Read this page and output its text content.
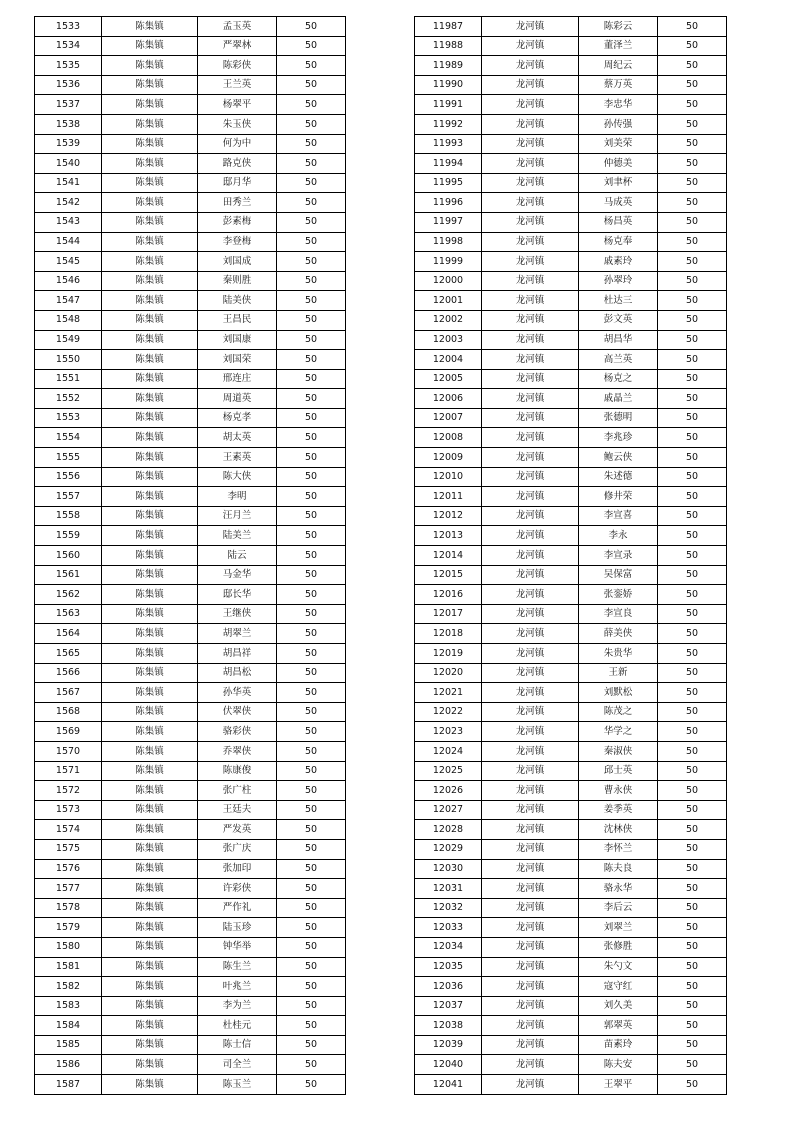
1533	陈集镇	孟玉英	50
1534	陈集镇	严翠林	50
1535	陈集镇	陈彩侠	50
1536	陈集镇	王兰英	50
1537	陈集镇	杨翠平	50
1538	陈集镇	朱玉侠	50
1539	陈集镇	何为中	50
1540	陈集镇	路克侠	50
1541	陈集镇	邸月华	50
1542	陈集镇	田秀兰	50
1543	陈集镇	彭素梅	50
1544	陈集镇	李登梅	50
1545	陈集镇	刘国成	50
1546	陈集镇	秦则胜	50
1547	陈集镇	陆美侠	50
1548	陈集镇	王昌民	50
1549	陈集镇	刘国康	50
1550	陈集镇	刘国荣	50
1551	陈集镇	邢连庄	50
1552	陈集镇	周道英	50
1553	陈集镇	杨克孝	50
1554	陈集镇	胡太英	50
1555	陈集镇	王素英	50
1556	陈集镇	陈大侠	50
1557	陈集镇	李明	50
1558	陈集镇	汪月兰	50
1559	陈集镇	陆美兰	50
1560	陈集镇	陆云	50
1561	陈集镇	马金华	50
1562	陈集镇	邸长华	50
1563	陈集镇	王继侠	50
1564	陈集镇	胡翠兰	50
1565	陈集镇	胡昌祥	50
1566	陈集镇	胡昌松	50
1567	陈集镇	孙华英	50
1568	陈集镇	伏翠侠	50
1569	陈集镇	骆彩侠	50
1570	陈集镇	乔翠侠	50
1571	陈集镇	陈康俊	50
1572	陈集镇	张广柱	50
1573	陈集镇	王廷夫	50
1574	陈集镇	严发英	50
1575	陈集镇	张广庆	50
1576	陈集镇	张加印	50
1577	陈集镇	许彩侠	50
1578	陈集镇	严作礼	50
1579	陈集镇	陆玉珍	50
1580	陈集镇	钟华举	50
1581	陈集镇	陈生兰	50
1582	陈集镇	叶兆兰	50
1583	陈集镇	李为兰	50
1584	陈集镇	杜桂元	50
1585	陈集镇	陈士信	50
1586	陈集镇	司全兰	50
1587	陈集镇	陈玉兰	50
11987	龙河镇	陈彩云	50
11988	龙河镇	董泽兰	50
11989	龙河镇	周纪云	50
11990	龙河镇	蔡万英	50
11991	龙河镇	李忠华	50
11992	龙河镇	孙传强	50
11993	龙河镇	刘美荣	50
11994	龙河镇	仲德美	50
11995	龙河镇	刘聿杯	50
11996	龙河镇	马成英	50
11997	龙河镇	杨昌英	50
11998	龙河镇	杨克奉	50
11999	龙河镇	戚素玲	50
12000	龙河镇	孙翠玲	50
12001	龙河镇	杜达三	50
12002	龙河镇	彭文英	50
12003	龙河镇	胡昌华	50
12004	龙河镇	高兰英	50
12005	龙河镇	杨克之	50
12006	龙河镇	戚晶兰	50
12007	龙河镇	张德明	50
12008	龙河镇	李兆珍	50
12009	龙河镇	鲍云侠	50
12010	龙河镇	朱述德	50
12011	龙河镇	修井荣	50
12012	龙河镇	李宣喜	50
12013	龙河镇	李永	50
12014	龙河镇	李宣录	50
12015	龙河镇	吴保富	50
12016	龙河镇	张銮娇	50
12017	龙河镇	李宣良	50
12018	龙河镇	薛美侠	50
12019	龙河镇	朱贵华	50
12020	龙河镇	王新	50
12021	龙河镇	刘默松	50
12022	龙河镇	陈茂之	50
12023	龙河镇	华学之	50
12024	龙河镇	秦淑侠	50
12025	龙河镇	邱士英	50
12026	龙河镇	曹永侠	50
12027	龙河镇	姜季英	50
12028	龙河镇	沈林侠	50
12029	龙河镇	李怀兰	50
12030	龙河镇	陈夫良	50
12031	龙河镇	骆永华	50
12032	龙河镇	李后云	50
12033	龙河镇	刘翠兰	50
12034	龙河镇	张修胜	50
12035	龙河镇	朱勺文	50
12036	龙河镇	寇守红	50
12037	龙河镇	刘久美	50
12038	龙河镇	郭翠英	50
12039	龙河镇	苗素玲	50
12040	龙河镇	陈夫安	50
12041	龙河镇	王翠平	50
